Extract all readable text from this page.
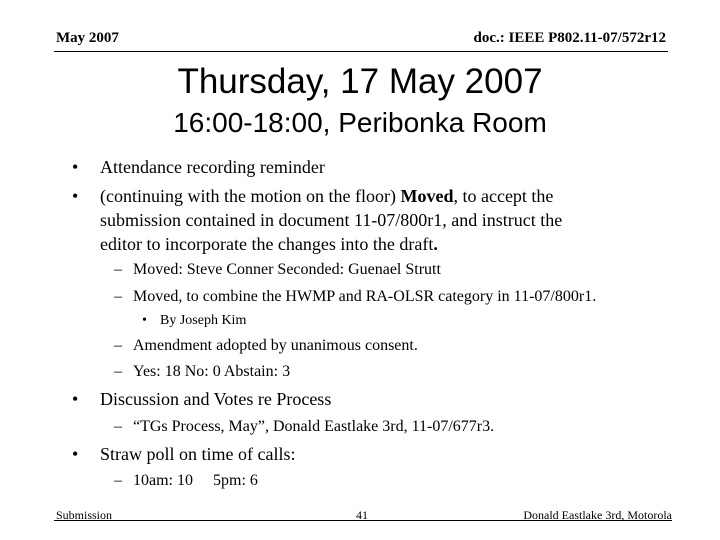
May 2007	doc.: IEEE P802.11-07/572r12
Thursday, 17 May 2007
16:00-18:00, Peribonka Room
• Attendance recording reminder
• (continuing with the motion on the floor) Moved, to accept the
submission contained in document 11-07/800r1, and instruct the
editor to incorporate the changes into the draft.
– Moved: Steve Conner Seconded: Guenael Strutt
– Moved, to combine the HWMP and RA-OLSR category in 11-07/800r1.
• By Joseph Kim
– Amendment adopted by unanimous consent.
– Yes: 18 No: 0 Abstain: 3
• Discussion and Votes re Process
– “TGs Process, May”, Donald Eastlake 3rd, 11-07/677r3.
• Straw poll on time of calls:
– 10am: 10     5pm: 6
Submission	41	Donald Eastlake 3rd, Motorola
